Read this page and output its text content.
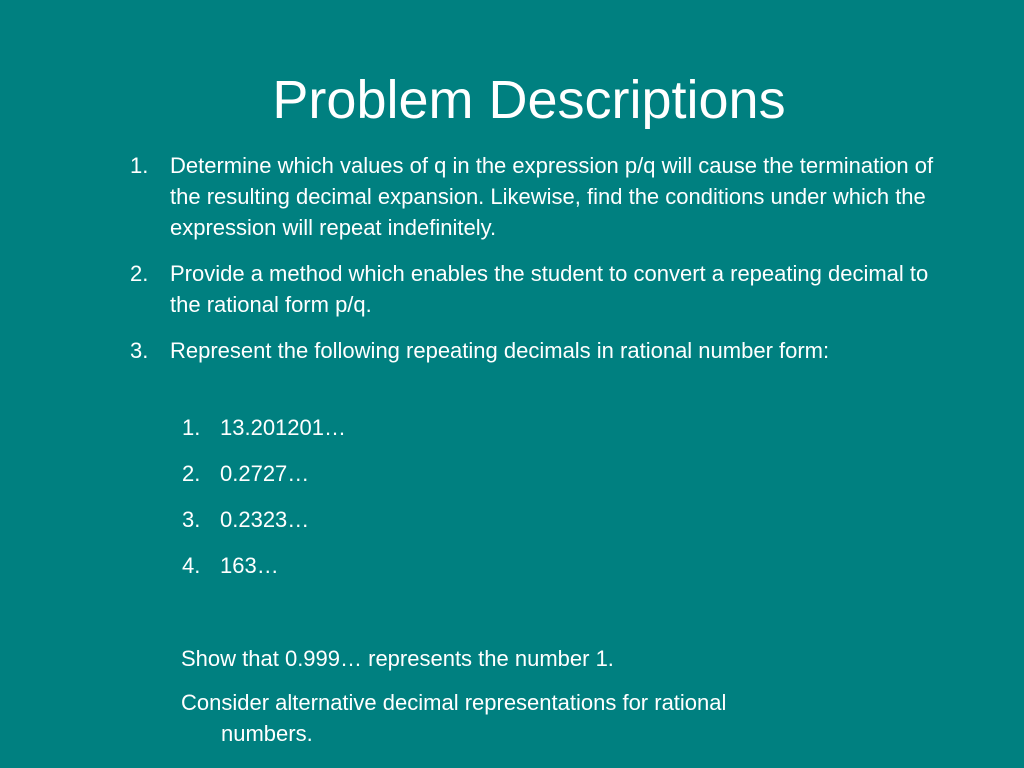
Problem Descriptions
1. Determine which values of q in the expression p/q will cause the termination of the resulting decimal expansion. Likewise, find the conditions under which the expression will repeat indefinitely.
2. Provide a method which enables the student to convert a repeating decimal to the rational form p/q.
3. Represent the following repeating decimals in rational number form:
1. 13.201201…
2. 0.2727…
3. 0.2323…
4. 163…
Show that 0.999… represents the number 1.
Consider alternative decimal representations for rational
numbers.
